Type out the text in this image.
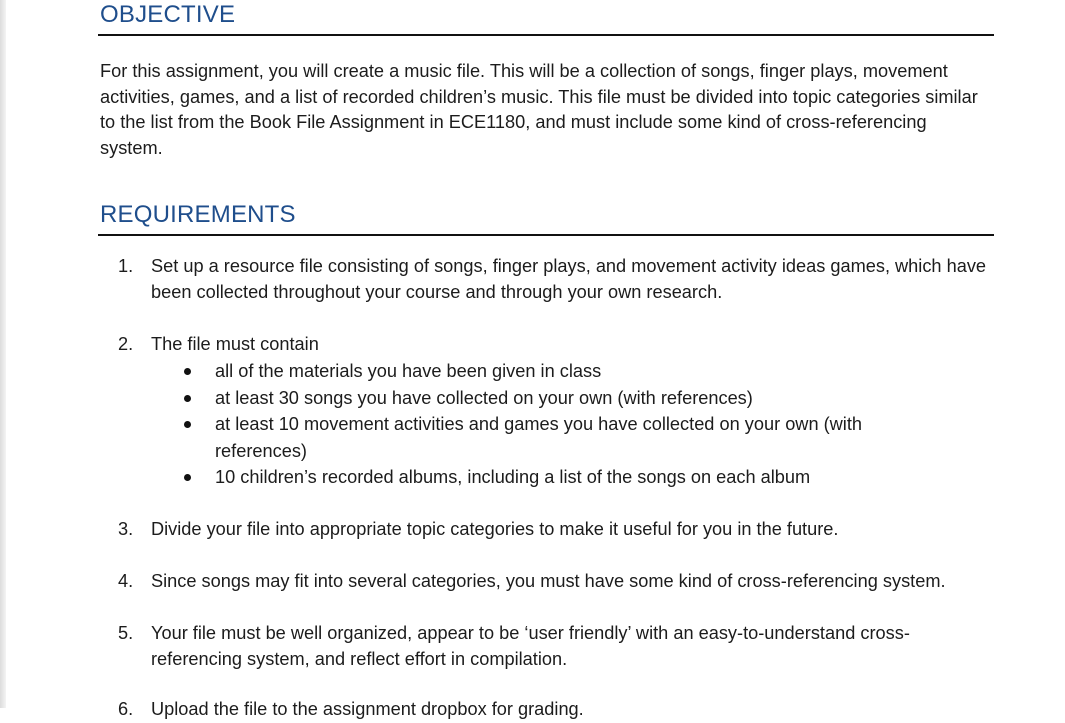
OBJECTIVE

For this assignment, you will create a music file. This will be a collection of songs, finger plays, movement activities, games, and a list of recorded children’s music. This file must be divided into topic categories similar to the list from the Book File Assignment in ECE1180, and must include some kind of cross-referencing system.

REQUIREMENTS
1. Set up a resource file consisting of songs, finger plays, and movement activity ideas games, which have been collected throughout your course and through your own research.
2. The file must contain
all of the materials you have been given in class
at least 30 songs you have collected on your own (with references)
at least 10 movement activities and games you have collected on your own (with references)
10 children’s recorded albums, including a list of the songs on each album
3. Divide your file into appropriate topic categories to make it useful for you in the future.
4. Since songs may fit into several categories, you must have some kind of cross-referencing system.
5. Your file must be well organized, appear to be ‘user friendly’ with an easy-to-understand cross-referencing system, and reflect effort in compilation.
6. Upload the file to the assignment dropbox for grading.
